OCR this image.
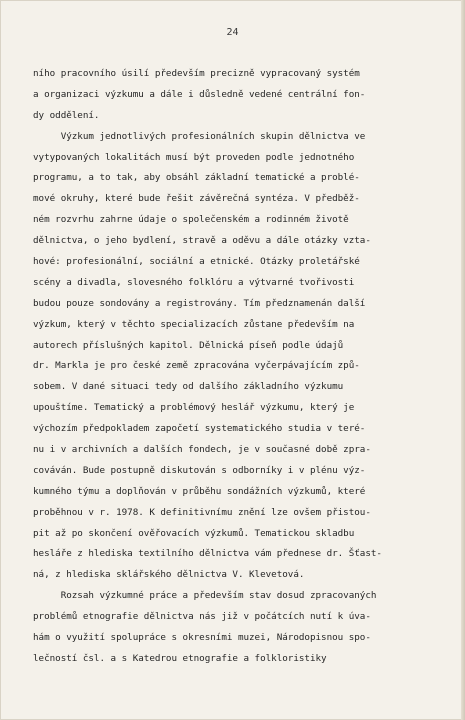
24
ního pracovního úsilí především precizně vypracovaný systém
a organizaci výzkumu a dále i důsledně vedené centrální fon-
dy oddělení.
Výzkum jednotlivých profesionálních skupin dělnictva ve
vytypovaných lokalitách musí být proveden podle jednotného
programu, a to tak, aby obsáhl základní tematické a problé-
mové okruhy, které bude řešit závěrečná syntéza. V předběž-
ném rozvrhu zahrne údaje o společenském a rodinném životě
dělnictva, o jeho bydlení, stravě a oděvu a dále otázky vzta-
hové: profesionální, sociální a etnické. Otázky proletářské
scény a divadla, slovesného folklóru a výtvarné tvořivosti
budou pouze sondovány a registrovány. Tím předznamenán další
výzkum, který v těchto specializacích zůstane především na
autorech příslušných kapitol. Dělnická píseň podle údajů
dr. Markla je pro české země zpracována vyčerpávajícím způ-
sobem. V dané situaci tedy od dalšího základního výzkumu
upouštíme. Tematický a problémový heslář výzkumu, který je
výchozím předpokladem započetí systematického studia v teré-
nu i v archivních a dalších fondech, je v současné době zpra-
cováván. Bude postupně diskutován s odborníky i v plénu výz-
kumného týmu a doplňován v průběhu sondážních výzkumů, které
proběhnou v r. 1978. K definitivnímu znění lze ovšem přistou-
pit až po skončení ověřovacích výzkumů. Tematickou skladbu
hesláře z hlediska textilního dělnictva vám přednese dr. Šťast-
ná, z hlediska sklářského dělnictva V. Klevetová.
Rozsah výzkumné práce a především stav dosud zpracovaných
problémů etnografie dělnictva nás již v počátcích nutí k úva-
hám o využití spolupráce s okresními muzei, Národopisnou spo-
lečností čsl. a s Katedrou etnografie a folkloristiky
